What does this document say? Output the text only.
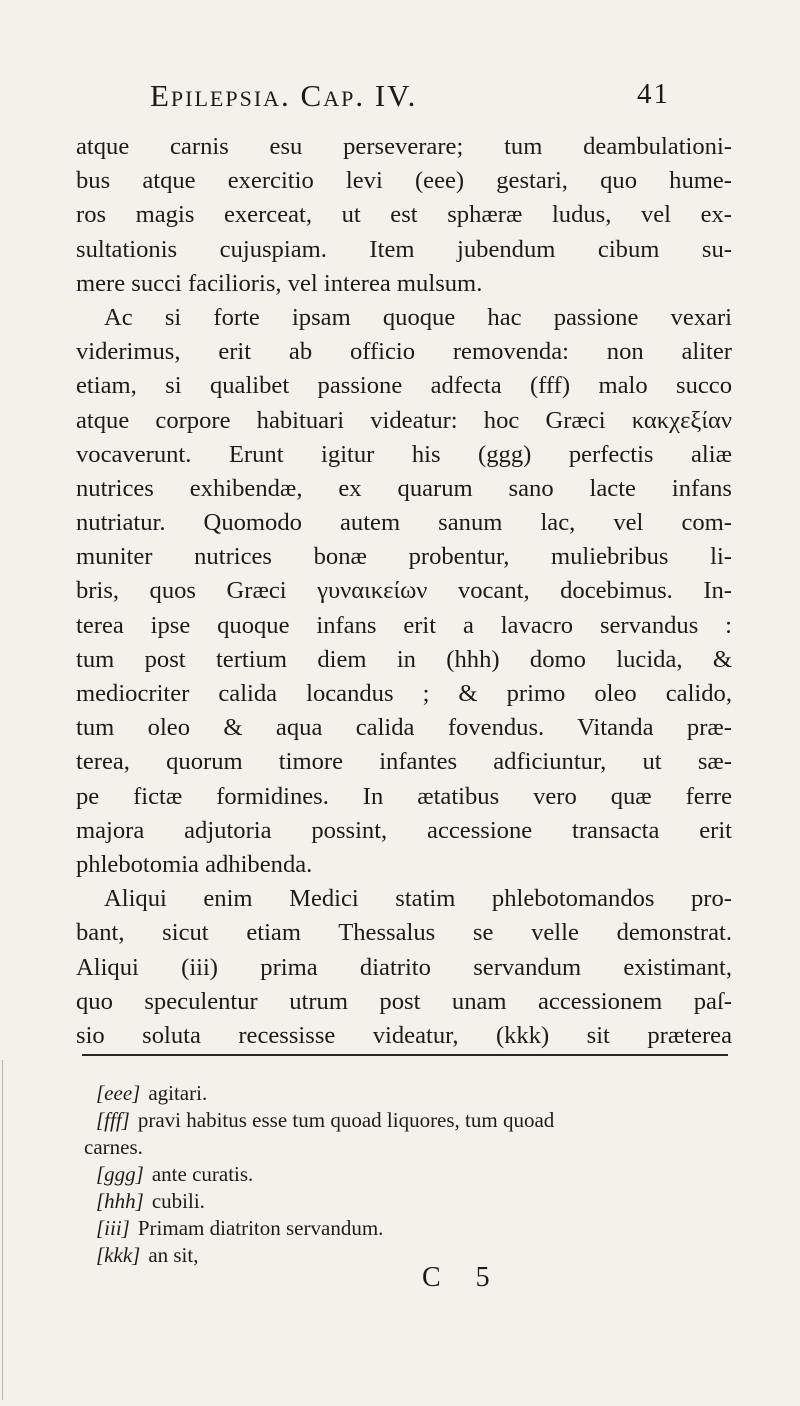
Epilepsia. Cap. IV.	41
atque carnis esu perseverare; tum deambulationi-
bus atque exercitio levi (eee) gestari, quo hume-
ros magis exerceat, ut est sphæræ ludus, vel ex-
sultationis cujuspiam. Item jubendum cibum su-
mere succi facilioris, vel interea mulsum.
Ac si forte ipsam quoque hac passione vexari
viderimus, erit ab officio removenda: non aliter
etiam, si qualibet passione adfecta (fff) malo succo
atque corpore habituari videatur: hoc Græci κακχεξίαν
vocaverunt. Erunt igitur his (ggg) perfectis aliæ
nutrices exhibendæ, ex quarum sano lacte infans
nutriatur. Quomodo autem sanum lac, vel com-
muniter nutrices bonæ probentur, muliebribus li-
bris, quos Græci γυναικείων vocant, docebimus. In-
terea ipse quoque infans erit a lavacro servandus :
tum post tertium diem in (hhh) domo lucida, &
mediocriter calida locandus ; & primo oleo calido,
tum oleo & aqua calida fovendus. Vitanda præ-
terea, quorum timore infantes adficiuntur, ut sæ-
pe fictæ formidines. In ætatibus vero quæ ferre
majora adjutoria possint, accessione transacta erit
phlebotomia adhibenda.
Aliqui enim Medici statim phlebotomandos pro-
bant, sicut etiam Thessalus se velle demonstrat.
Aliqui (iii) prima diatrito servandum existimant,
quo speculentur utrum post unam accessionem paſ-
sio soluta recessisse videatur, (kkk) sit præterea
[eee] agitari.
[fff] pravi habitus esse tum quoad liquores, tum quoad
carnes.
[ggg] ante curatis.
[hhh] cubili.
[iii] Primam diatriton servandum.
[kkk] an sit,
C 5
